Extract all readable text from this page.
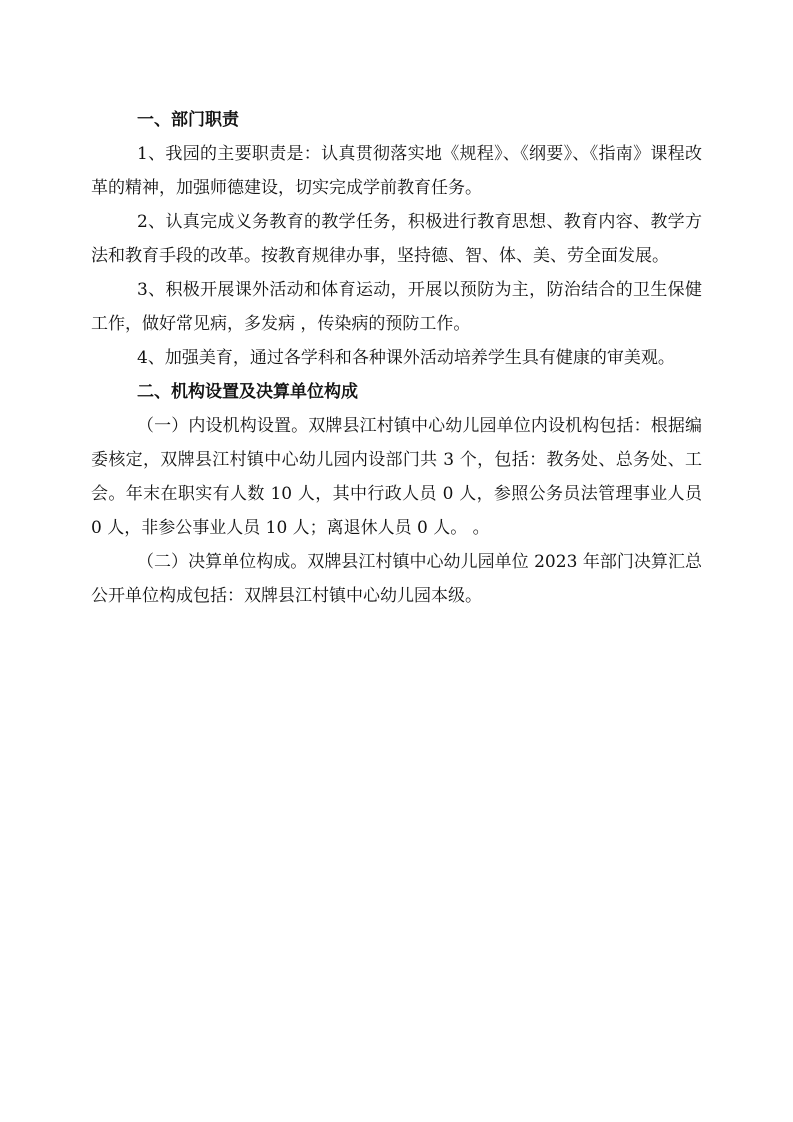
一、部门职责

1、我园的主要职责是：认真贯彻落实地《规程》、《纲要》、《指南》课程改革的精神，加强师德建设，切实完成学前教育任务。

2、认真完成义务教育的教学任务，积极进行教育思想、教育内容、教学方法和教育手段的改革。按教育规律办事，坚持德、智、体、美、劳全面发展。

3、积极开展课外活动和体育运动，开展以预防为主，防治结合的卫生保健工作，做好常见病，多发病 ，传染病的预防工作。

4、加强美育，通过各学科和各种课外活动培养学生具有健康的审美观。

二、机构设置及决算单位构成

（一）内设机构设置。双牌县江村镇中心幼儿园单位内设机构包括：根据编委核定，双牌县江村镇中心幼儿园内设部门共 3 个，包括：教务处、总务处、工会。年末在职实有人数 10 人，其中行政人员 0 人，参照公务员法管理事业人员 0 人，非参公事业人员 10 人；离退休人员 0 人。 。

（二）决算单位构成。双牌县江村镇中心幼儿园单位 2023 年部门决算汇总公开单位构成包括：双牌县江村镇中心幼儿园本级。
